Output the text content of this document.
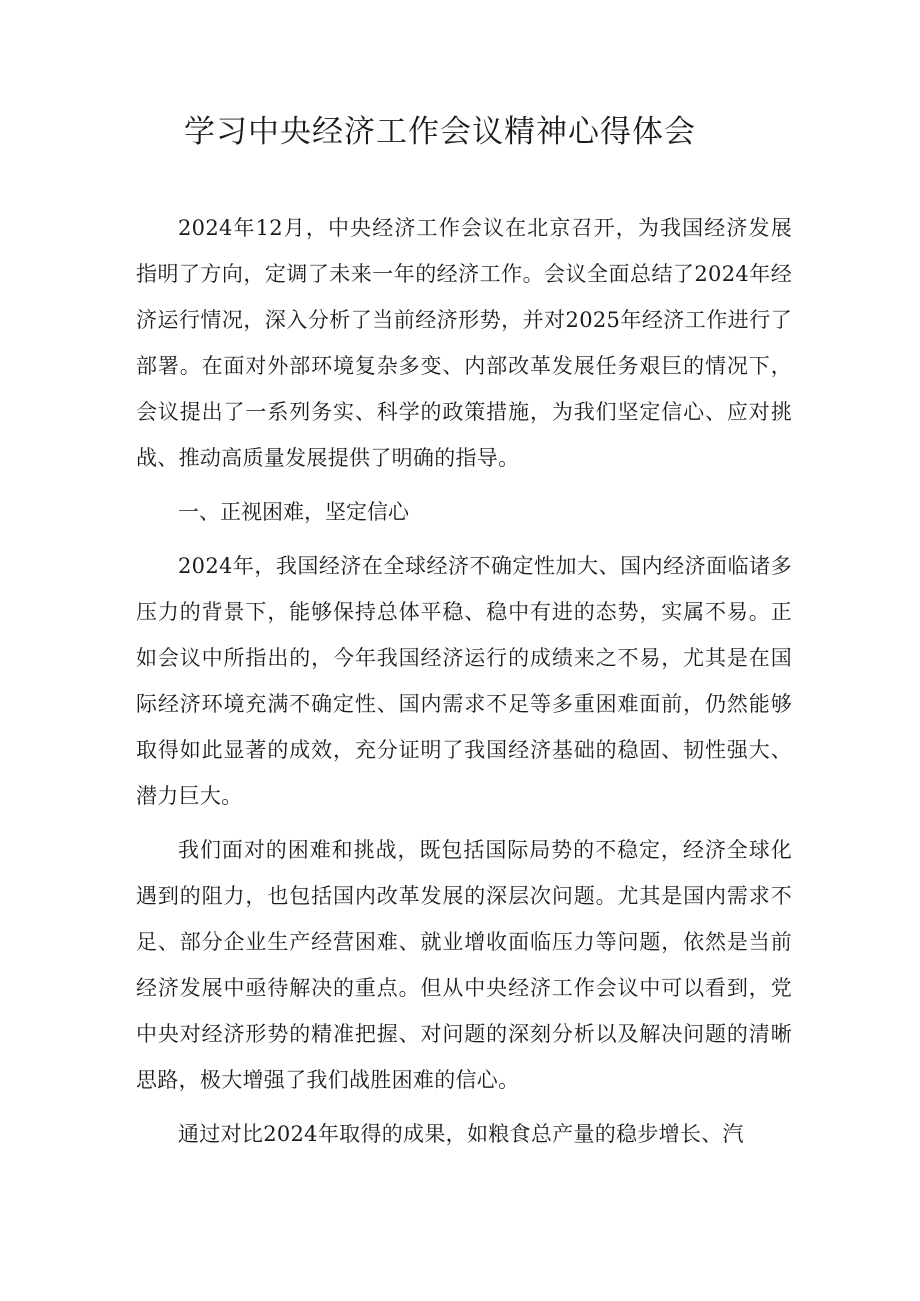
学习中央经济工作会议精神心得体会

2024年12月，中央经济工作会议在北京召开，为我国经济发展指明了方向，定调了未来一年的经济工作。会议全面总结了2024年经济运行情况，深入分析了当前经济形势，并对2025年经济工作进行了部署。在面对外部环境复杂多变、内部改革发展任务艰巨的情况下，会议提出了一系列务实、科学的政策措施，为我们坚定信心、应对挑战、推动高质量发展提供了明确的指导。

一、正视困难，坚定信心

2024年，我国经济在全球经济不确定性加大、国内经济面临诸多压力的背景下，能够保持总体平稳、稳中有进的态势，实属不易。正如会议中所指出的，今年我国经济运行的成绩来之不易，尤其是在国际经济环境充满不确定性、国内需求不足等多重困难面前，仍然能够取得如此显著的成效，充分证明了我国经济基础的稳固、韧性强大、潜力巨大。

我们面对的困难和挑战，既包括国际局势的不稳定，经济全球化遇到的阻力，也包括国内改革发展的深层次问题。尤其是国内需求不足、部分企业生产经营困难、就业增收面临压力等问题，依然是当前经济发展中亟待解决的重点。但从中央经济工作会议中可以看到，党中央对经济形势的精准把握、对问题的深刻分析以及解决问题的清晰思路，极大增强了我们战胜困难的信心。

通过对比2024年取得的成果，如粮食总产量的稳步增长、汽
